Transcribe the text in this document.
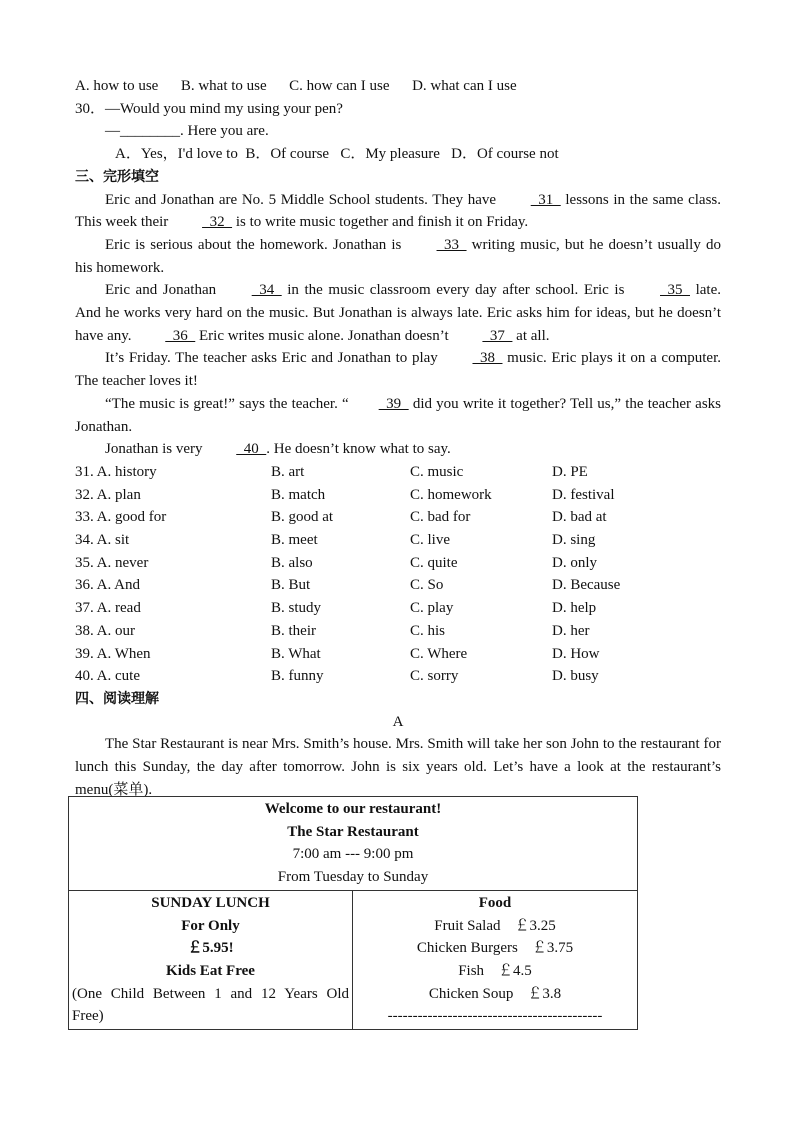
A. how to use B. what to use C. how can I use D. what can I use
30．—Would you mind my using your pen?
—________. Here you are.
A．Yes，I'd love to  B．Of course   C．My pleasure   D．Of course not
三、完形填空
Eric and Jonathan are No. 5 Middle School students. They have   31   lessons in the same class. This week their   32   is to write music together and finish it on Friday.
Eric is serious about the homework. Jonathan is   33   writing music, but he doesn’t usually do his homework.
Eric and Jonathan   34   in the music classroom every day after school. Eric is   35   late. And he works very hard on the music. But Jonathan is always late. Eric asks him for ideas, but he doesn’t have any.   36   Eric writes music alone. Jonathan doesn’t   37   at all.
It’s Friday. The teacher asks Eric and Jonathan to play   38   music. Eric plays it on a computer. The teacher loves it!
“The music is great!” says the teacher. “  39   did you write it together? Tell us,” the teacher asks Jonathan.
Jonathan is very   40  . He doesn’t know what to say.
31. A. history	B. art	C. music	D. PE
32. A. plan	B. match	C. homework	D. festival
33. A. good for	B. good at	C. bad for	D. bad at
34. A. sit	B. meet	C. live	D. sing
35. A. never	B. also	C. quite	D. only
36. A. And	B. But	C. So	D. Because
37. A. read	B. study	C. play	D. help
38. A. our	B. their	C. his	D. her
39. A. When	B. What	C. Where	D. How
40. A. cute	B. funny	C. sorry	D. busy
四、阅读理解
A
The Star Restaurant is near Mrs. Smith’s house. Mrs. Smith will take her son John to the restaurant for lunch this Sunday, the day after tomorrow. John is six years old. Let’s have a look at the restaurant’s menu(菜单).
Welcome to our restaurant!
The Star Restaurant
7:00 am --- 9:00 pm
From Tuesday to Sunday

SUNDAY LUNCH
For Only
￡5.95!
Kids Eat Free
(One Child Between 1 and 12 Years Old Free)

Food
Fruit Salad ￡3.25
Chicken Burgers ￡3.75
Fish ￡4.5
Chicken Soup ￡3.8
-------------------------------------------
